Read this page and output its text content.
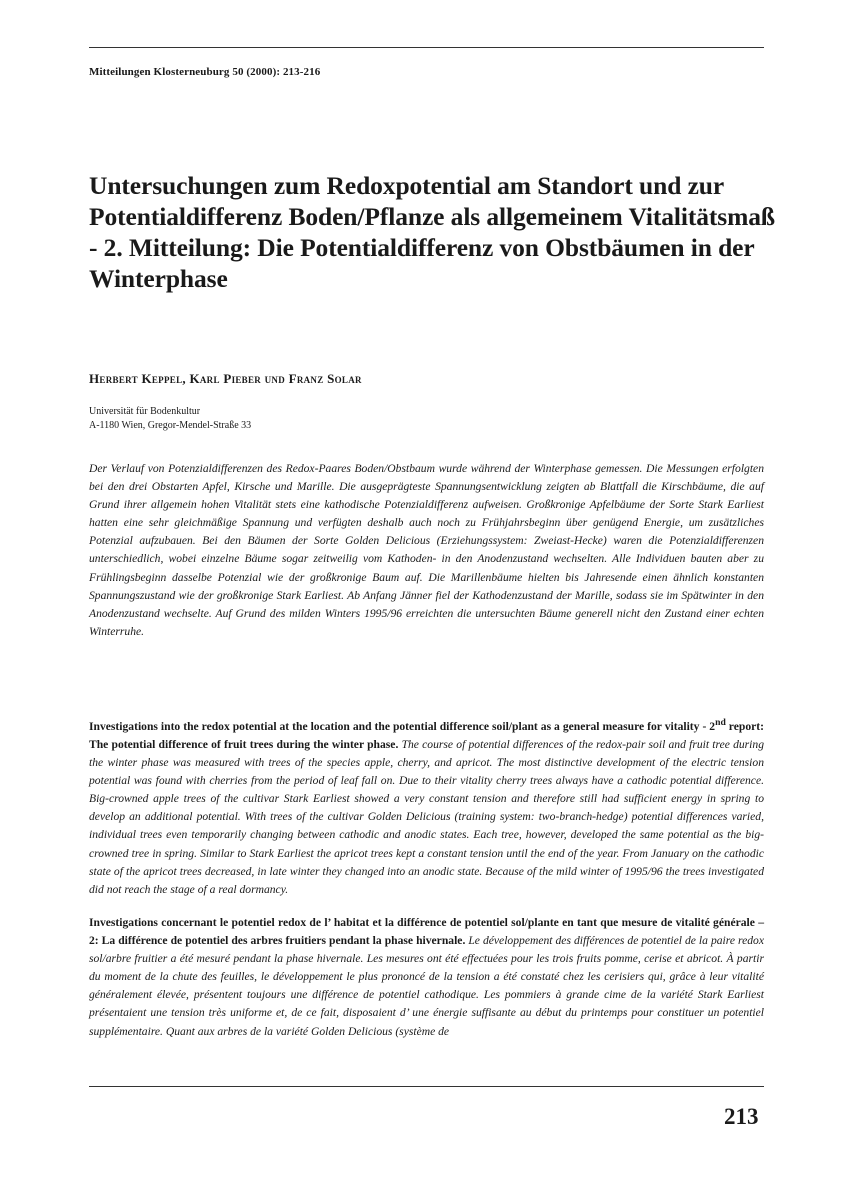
Mitteilungen Klosterneuburg 50 (2000): 213-216
Untersuchungen zum Redoxpotential am Standort und zur Potentialdifferenz Boden/Pflanze als allgemeinem Vitalitätsmaß - 2. Mitteilung: Die Potentialdifferenz von Obstbäumen in der Winterphase
Herbert Keppel, Karl Pieber und Franz Solar
Universität für Bodenkultur
A-1180 Wien, Gregor-Mendel-Straße 33

Der Verlauf von Potenzialdifferenzen des Redox-Paares Boden/Obstbaum wurde während der Winterphase gemessen. Die Messungen erfolgten bei den drei Obstarten Apfel, Kirsche und Marille. Die ausgeprägteste Spannungsentwicklung zeigten ab Blattfall die Kirschbäume, die auf Grund ihrer allgemein hohen Vitalität stets eine kathodische Potenzialdifferenz aufweisen. Großkronige Apfelbäume der Sorte Stark Earliest hatten eine sehr gleichmäßige Spannung und verfügten deshalb auch noch zu Frühjahrsbeginn über genügend Energie, um zusätzliches Potenzial aufzubauen. Bei den Bäumen der Sorte Golden Delicious (Erziehungssystem: Zweiast-Hecke) waren die Potenzialdifferenzen unterschiedlich, wobei einzelne Bäume sogar zeitweilig vom Kathoden- in den Anodenzustand wechselten. Alle Individuen bauten aber zu Frühlingsbeginn dasselbe Potenzial wie der großkronige Baum auf. Die Marillenbäume hielten bis Jahresende einen ähnlich konstanten Spannungszustand wie der großkronige Stark Earliest. Ab Anfang Jänner fiel der Kathodenzustand der Marille, sodass sie im Spätwinter in den Anodenzustand wechselte. Auf Grund des milden Winters 1995/96 erreichten die untersuchten Bäume generell nicht den Zustand einer echten Winterruhe.

Investigations into the redox potential at the location and the potential difference soil/plant as a general measure for vitality - 2nd report: The potential difference of fruit trees during the winter phase. The course of potential differences of the redox-pair soil and fruit tree during the winter phase was measured with trees of the species apple, cherry, and apricot. The most distinctive development of the electric tension potential was found with cherries from the period of leaf fall on. Due to their vitality cherry trees always have a cathodic potential difference. Big-crowned apple trees of the cultivar Stark Earliest showed a very constant tension and therefore still had sufficient energy in spring to develop an additional potential. With trees of the cultivar Golden Delicious (training system: two-branch-hedge) potential differences varied, individual trees even temporarily changing between cathodic and anodic states. Each tree, however, developed the same potential as the big-crowned tree in spring. Similar to Stark Earliest the apricot trees kept a constant tension until the end of the year. From January on the cathodic state of the apricot trees decreased, in late winter they changed into an anodic state. Because of the mild winter of 1995/96 the trees investigated did not reach the stage of a real dormancy.

Investigations concernant le potentiel redox de l’ habitat et la différence de potentiel sol/plante en tant que mesure de vitalité générale – 2: La différence de potentiel des arbres fruitiers pendant la phase hivernale. Le développement des différences de potentiel de la paire redox sol/arbre fruitier a été mesuré pendant la phase hivernale. Les mesures ont été effectuées pour les trois fruits pomme, cerise et abricot. À partir du moment de la chute des feuilles, le développement le plus prononcé de la tension a été constaté chez les cerisiers qui, grâce à leur vitalité généralement élevée, présentent toujours une différence de potentiel cathodique. Les pommiers à grande cime de la variété Stark Earliest présentaient une tension très uniforme et, de ce fait, disposaient d’ une énergie suffisante au début du printemps pour constituer un potentiel supplémentaire. Quant aux arbres de la variété Golden Delicious (système de

213
